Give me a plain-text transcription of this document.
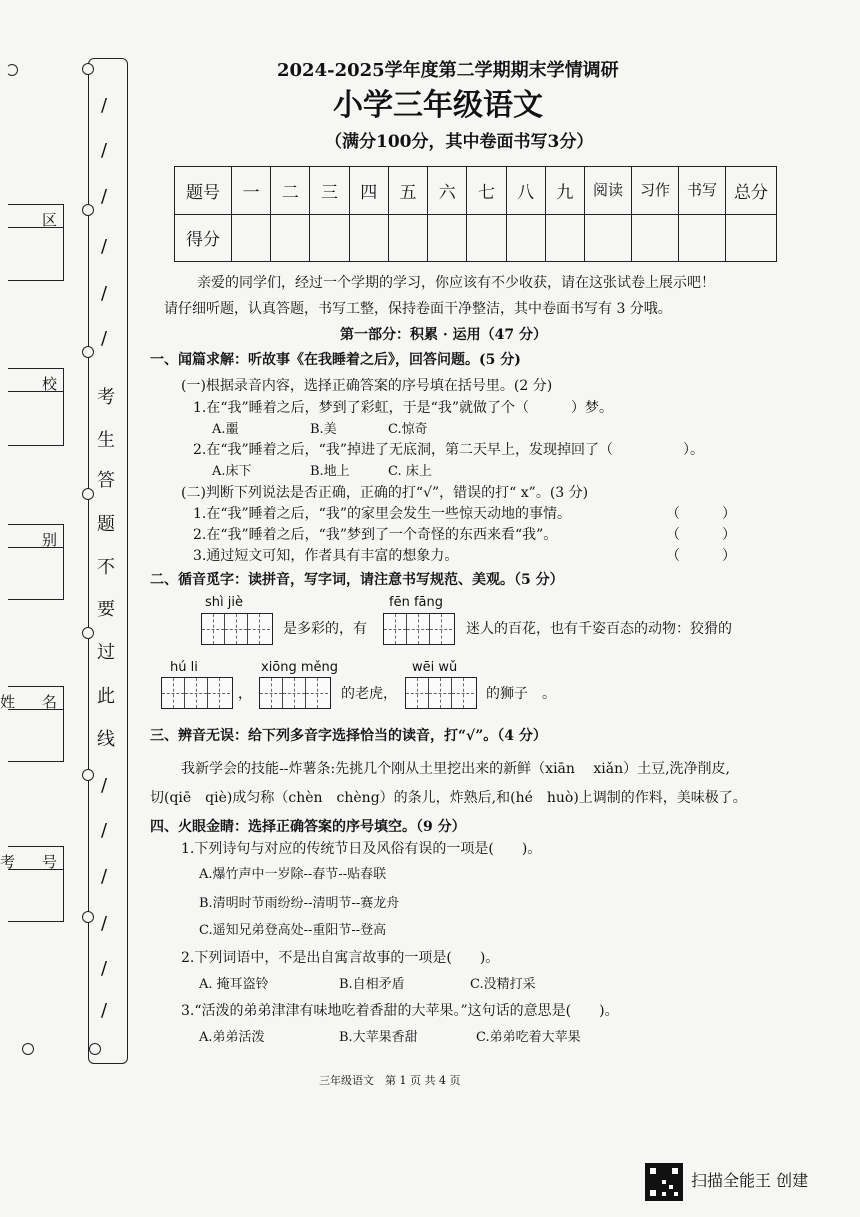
区
校
别
姓 名
考 号
/
/
/
/
/
/
考
生
答
题
不
要
过
此
线
/
/
/
/
/
/
2024-2025学年度第二学期期末学情调研
小学三年级语文
（满分100分，其中卷面书写3分）
题号	一	二	三	四	五	六	七	八	九	阅读	习作	书写	总分
得分													
亲爱的同学们，经过一个学期的学习，你应该有不少收获，请在这张试卷上展示吧！
请仔细听题，认真答题，书写工整，保持卷面干净整洁，其中卷面书写有 3 分哦。
第一部分：积累 · 运用（47 分）
一、闻篇求解：听故事《在我睡着之后》，回答问题。(5 分)
(一)根据录音内容，选择正确答案的序号填在括号里。(2 分)
1.在“我”睡着之后，梦到了彩虹，于是“我”就做了个（　　　）梦。
A.噩	B.美	C.惊奇
2.在“我”睡着之后，“我”掉进了无底洞，第二天早上，发现掉回了（　　　　　）。
A.床下	B.地上	C. 床上
(二)判断下列说法是否正确，正确的打“√”，错误的打“ x”。(3 分)
1.在“我”睡着之后，“我”的家里会发生一些惊天动地的事情。	（　　　）
2.在“我”睡着之后，“我”梦到了一个奇怪的东西来看“我”。	（　　　）
3.通过短文可知，作者具有丰富的想象力。	（　　　）
二、循音觅字：读拼音，写字词，请注意书写规范、美观。（5 分）
shì jiè	fēn fāng
是多彩的，有	迷人的百花，也有千姿百态的动物：狡猾的
hú li	xiōng měng	wēi wǔ
，	的老虎，	的狮子　。
三、辨音无误：给下列多音字选择恰当的读音，打“√”。（4 分）
我新学会的技能--炸薯条:先挑几个刚从土里挖出来的新鲜（xiān　 xiǎn）土豆,洗净削皮,
切(qiē　qiè)成匀称（chèn　chèng）的条儿，炸熟后,和(hé　huò)上调制的作料，美味极了。
四、火眼金睛：选择正确答案的序号填空。（9 分）
1.下列诗句与对应的传统节日及风俗有误的一项是(　　)。
A.爆竹声中一岁除--春节--贴春联
B.清明时节雨纷纷--清明节--赛龙舟
C.遥知兄弟登高处--重阳节--登高
2.下列词语中，不是出自寓言故事的一项是(　　)。
A. 掩耳盗铃	B.自相矛盾	C.没精打采
3.“活泼的弟弟津津有味地吃着香甜的大苹果。”这句话的意思是(　　)。
A.弟弟活泼	B.大苹果香甜	C.弟弟吃着大苹果
三年级语文　第 1 页 共 4 页
扫描全能王 创建
